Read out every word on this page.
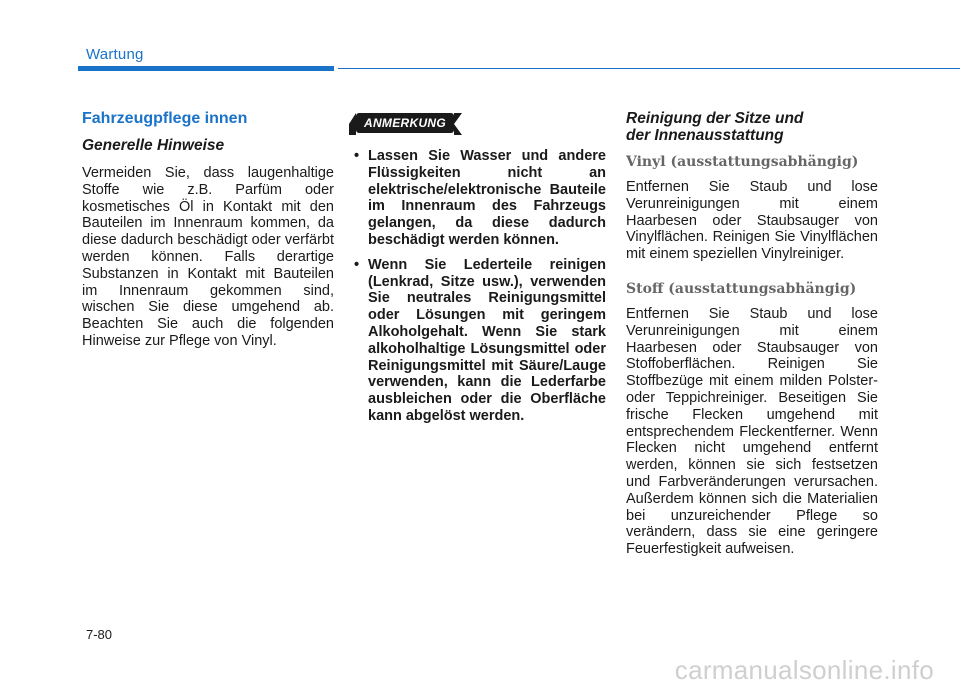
Wartung
Fahrzeugpflege innen
Generelle Hinweise

Vermeiden Sie, dass laugenhaltige Stoffe wie z.B. Parfüm oder kosmetisches Öl in Kontakt mit den Bauteilen im Innenraum kommen, da diese dadurch beschädigt oder verfärbt werden können. Falls derartige Substanzen in Kontakt mit Bauteilen im Innenraum gekommen sind, wischen Sie diese umgehend ab. Beachten Sie auch die folgenden Hinweise zur Pflege von Vinyl.

ANMERKUNG
• Lassen Sie Wasser und andere Flüssigkeiten nicht an elektrische/elektronische Bauteile im Innenraum des Fahrzeugs gelangen, da diese dadurch beschädigt werden können.
• Wenn Sie Lederteile reinigen (Lenkrad, Sitze usw.), verwenden Sie neutrales Reinigungsmittel oder Lösungen mit geringem Alkoholgehalt. Wenn Sie stark alkoholhaltige Lösungsmittel oder Reinigungsmittel mit Säure/Lauge verwenden, kann die Lederfarbe ausbleichen oder die Oberfläche kann abgelöst werden.
Reinigung der Sitze und
der Innenausstattung
Vinyl (ausstattungsabhängig)

Entfernen Sie Staub und lose Verunreinigungen mit einem Haarbesen oder Staubsauger von Vinylflächen. Reinigen Sie Vinylflächen mit einem speziellen Vinylreiniger.

Stoff (ausstattungsabhängig)

Entfernen Sie Staub und lose Verunreinigungen mit einem Haarbesen oder Staubsauger von Stoffoberflächen. Reinigen Sie Stoffbezüge mit einem milden Polster- oder Teppichreiniger. Beseitigen Sie frische Flecken umgehend mit entsprechendem Fleckentferner. Wenn Flecken nicht umgehend entfernt werden, können sie sich festsetzen und Farbveränderungen verursachen. Außerdem können sich die Materialien bei unzureichender Pflege so verändern, dass sie eine geringere Feuerfestigkeit aufweisen.

7-80
carmanualsonline.info
